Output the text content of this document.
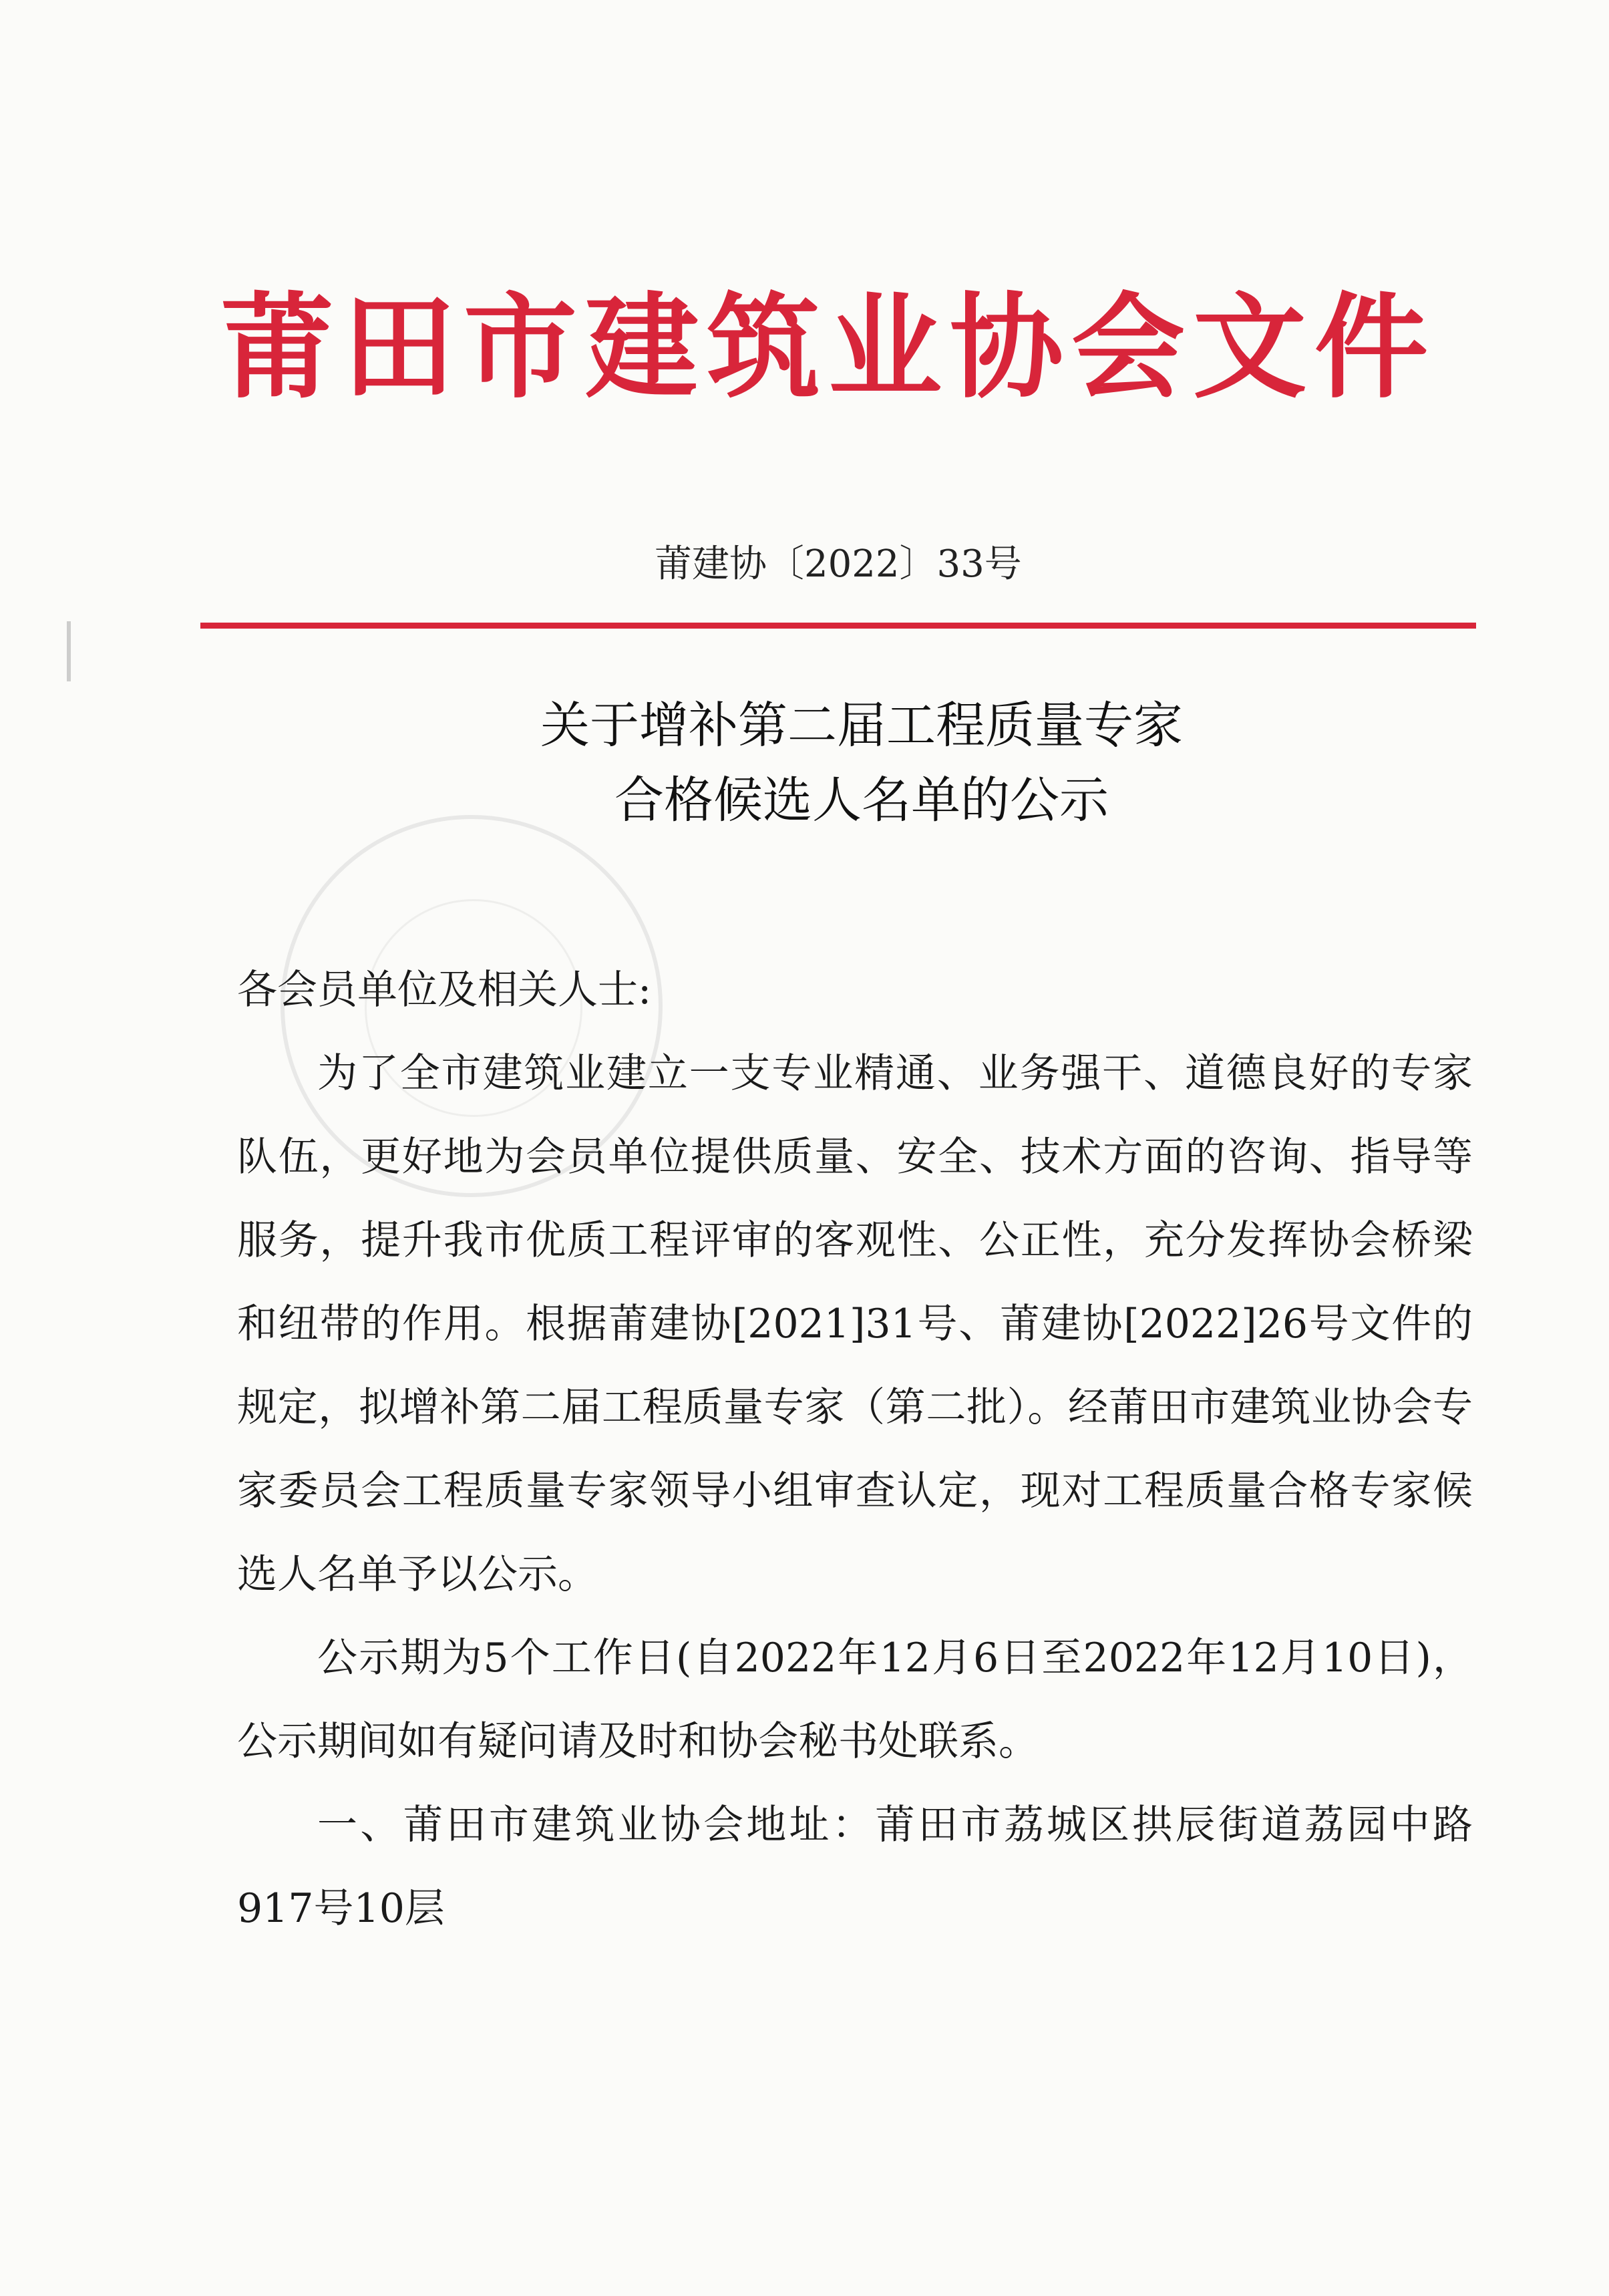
莆田市建筑业协会文件
莆建协〔2022〕33号
关于增补第二届工程质量专家
合格候选人名单的公示

各会员单位及相关人士:

为了全市建筑业建立一支专业精通、业务强干、道德良好的专家队伍，更好地为会员单位提供质量、安全、技术方面的咨询、指导等服务，提升我市优质工程评审的客观性、公正性，充分发挥协会桥梁和纽带的作用。根据莆建协[2021]31号、莆建协[2022]26号文件的规定，拟增补第二届工程质量专家（第二批）。经莆田市建筑业协会专家委员会工程质量专家领导小组审查认定，现对工程质量合格专家候选人名单予以公示。

公示期为5个工作日(自2022年12月6日至2022年12月10日)，公示期间如有疑问请及时和协会秘书处联系。

一、莆田市建筑业协会地址：莆田市荔城区拱辰街道荔园中路917号10层
